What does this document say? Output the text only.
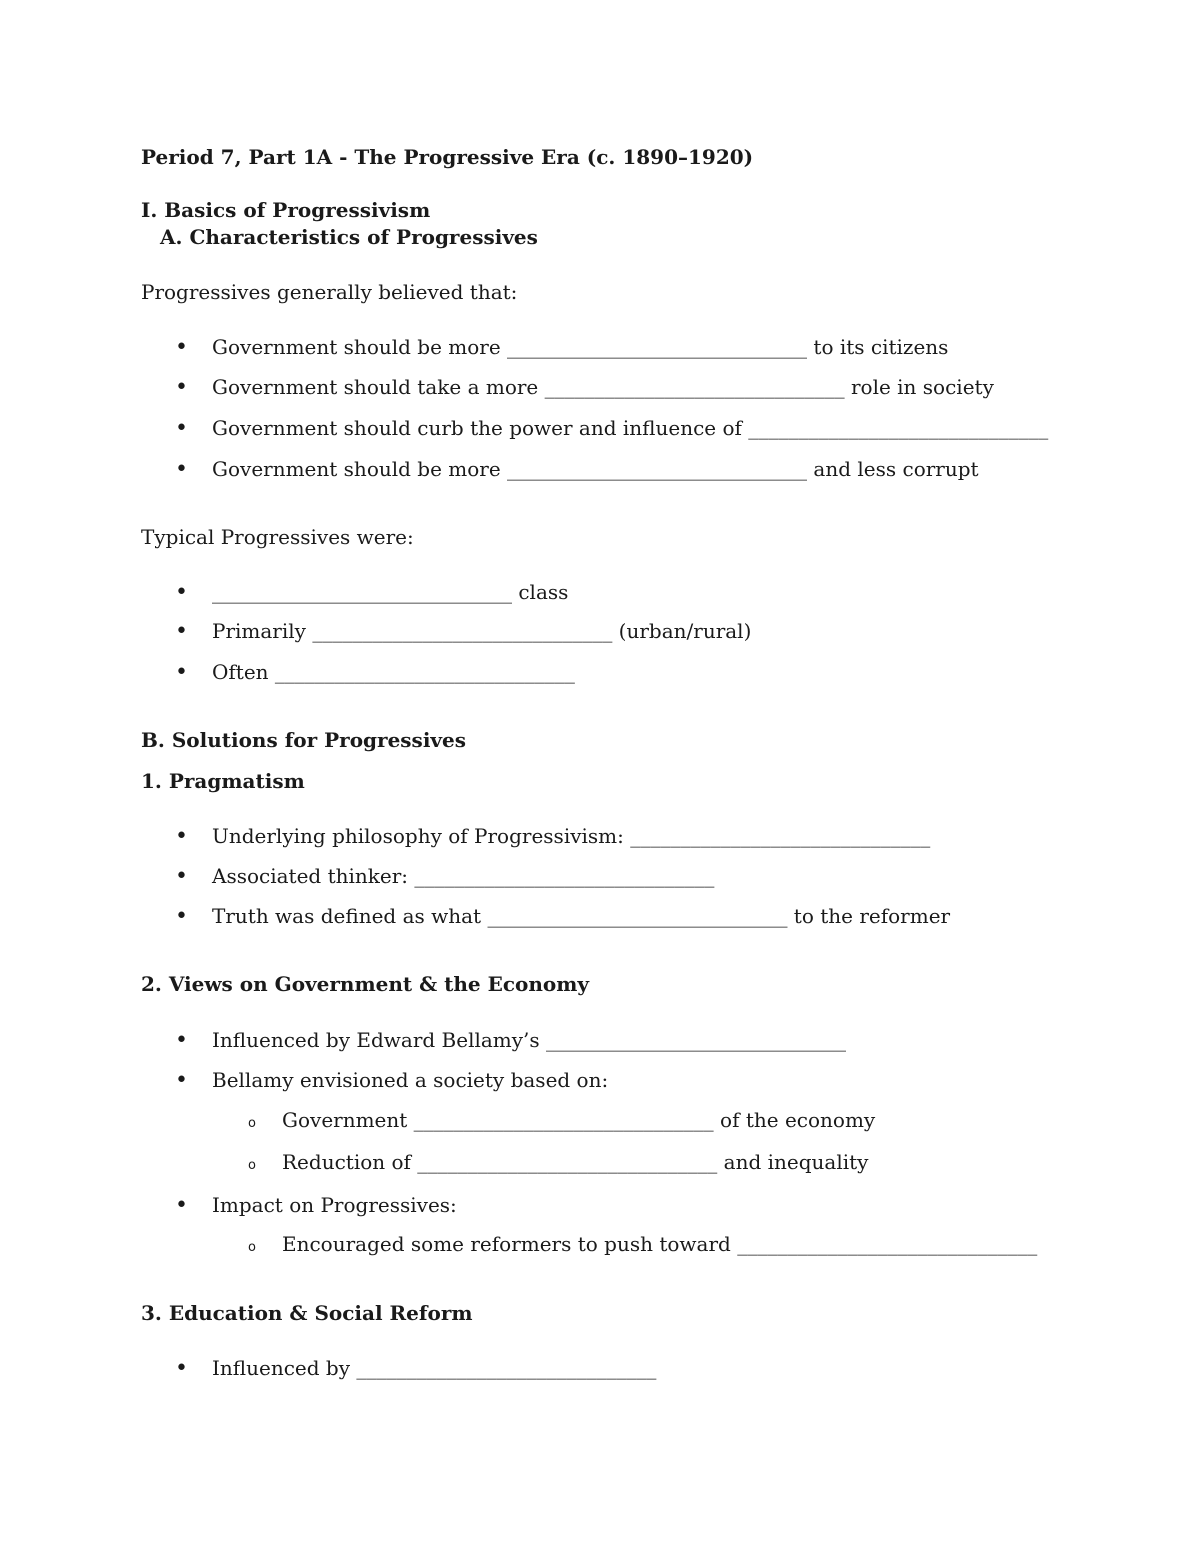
Period 7, Part 1A - The Progressive Era (c. 1890–1920)
I. Basics of Progressivism
A. Characteristics of Progressives
Progressives generally believed that:
•
Government should be more ______________________________ to its citizens
•
Government should take a more ______________________________ role in society
•
Government should curb the power and influence of ______________________________
•
Government should be more ______________________________ and less corrupt
Typical Progressives were:
•
______________________________ class
•
Primarily ______________________________ (urban/rural)
•
Often ______________________________
B. Solutions for Progressives
1. Pragmatism
•
Underlying philosophy of Progressivism: ______________________________
•
Associated thinker: ______________________________
•
Truth was defined as what ______________________________ to the reformer
2. Views on Government & the Economy
•
Influenced by Edward Bellamy’s ______________________________
•
Bellamy envisioned a society based on:
o	Government ______________________________ of the economy
o	Reduction of ______________________________ and inequality
•
Impact on Progressives:
o	Encouraged some reformers to push toward ______________________________
3. Education & Social Reform
•
Influenced by ______________________________
